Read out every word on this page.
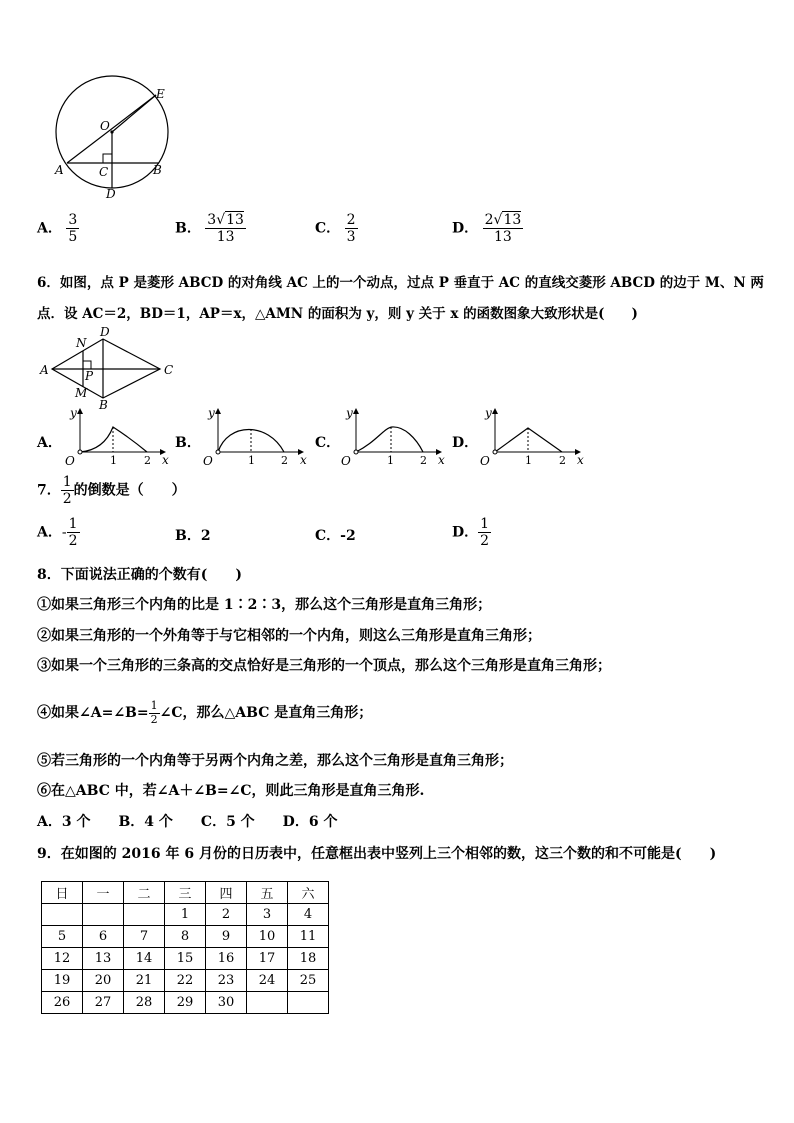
O
E
A	C	B
D
A． $\frac{3}{5}$	B． $\frac{3√13}{13}$	C． $\frac{2}{3}$	D． $\frac{2√13}{13}$
6．如图，点 P 是菱形 ABCD 的对角线 AC 上的一个动点，过点 P 垂直于 AC 的直线交菱形 ABCD 的边于 M、N 两
点．设 AC＝2，BD＝1，AP＝x，△AMN 的面积为 y，则 y 关于 x 的函数图象大致形状是(　　)
A
D
C
B
N
M
P
A．	B．	C．	D．
y
x
O	1 2
y
x
O	1 2
y
x
O	1 2
y
x
O	1 2
7． $\frac{1}{2}$ 的倒数是（　　）
A．- $\frac{1}{2}$	B．2	C．-2	D． $\frac{1}{2}$
8．下面说法正确的个数有(　　)
①如果三角形三个内角的比是 1∶2∶3，那么这个三角形是直角三角形；
②如果三角形的一个外角等于与它相邻的一个内角，则这么三角形是直角三角形；
③如果一个三角形的三条高的交点恰好是三角形的一个顶点，那么这个三角形是直角三角形；
④如果∠A=∠B= $\frac{1}{2}$ ∠C，那么△ABC 是直角三角形；
⑤若三角形的一个内角等于另两个内角之差，那么这个三角形是直角三角形；
⑥在△ABC 中，若∠A＋∠B=∠C，则此三角形是直角三角形.
A．3 个　　B．4 个　　C．5 个　　D．6 个
9．在如图的 2016 年 6 月份的日历表中，任意框出表中竖列上三个相邻的数，这三个数的和不可能是(　　)
日	一	二	三	四	五	六
			1	2	3	4
5	6	7	8	9	10	11
12	13	14	15	16	17	18
19	20	21	22	23	24	25
26	27	28	29	30		
